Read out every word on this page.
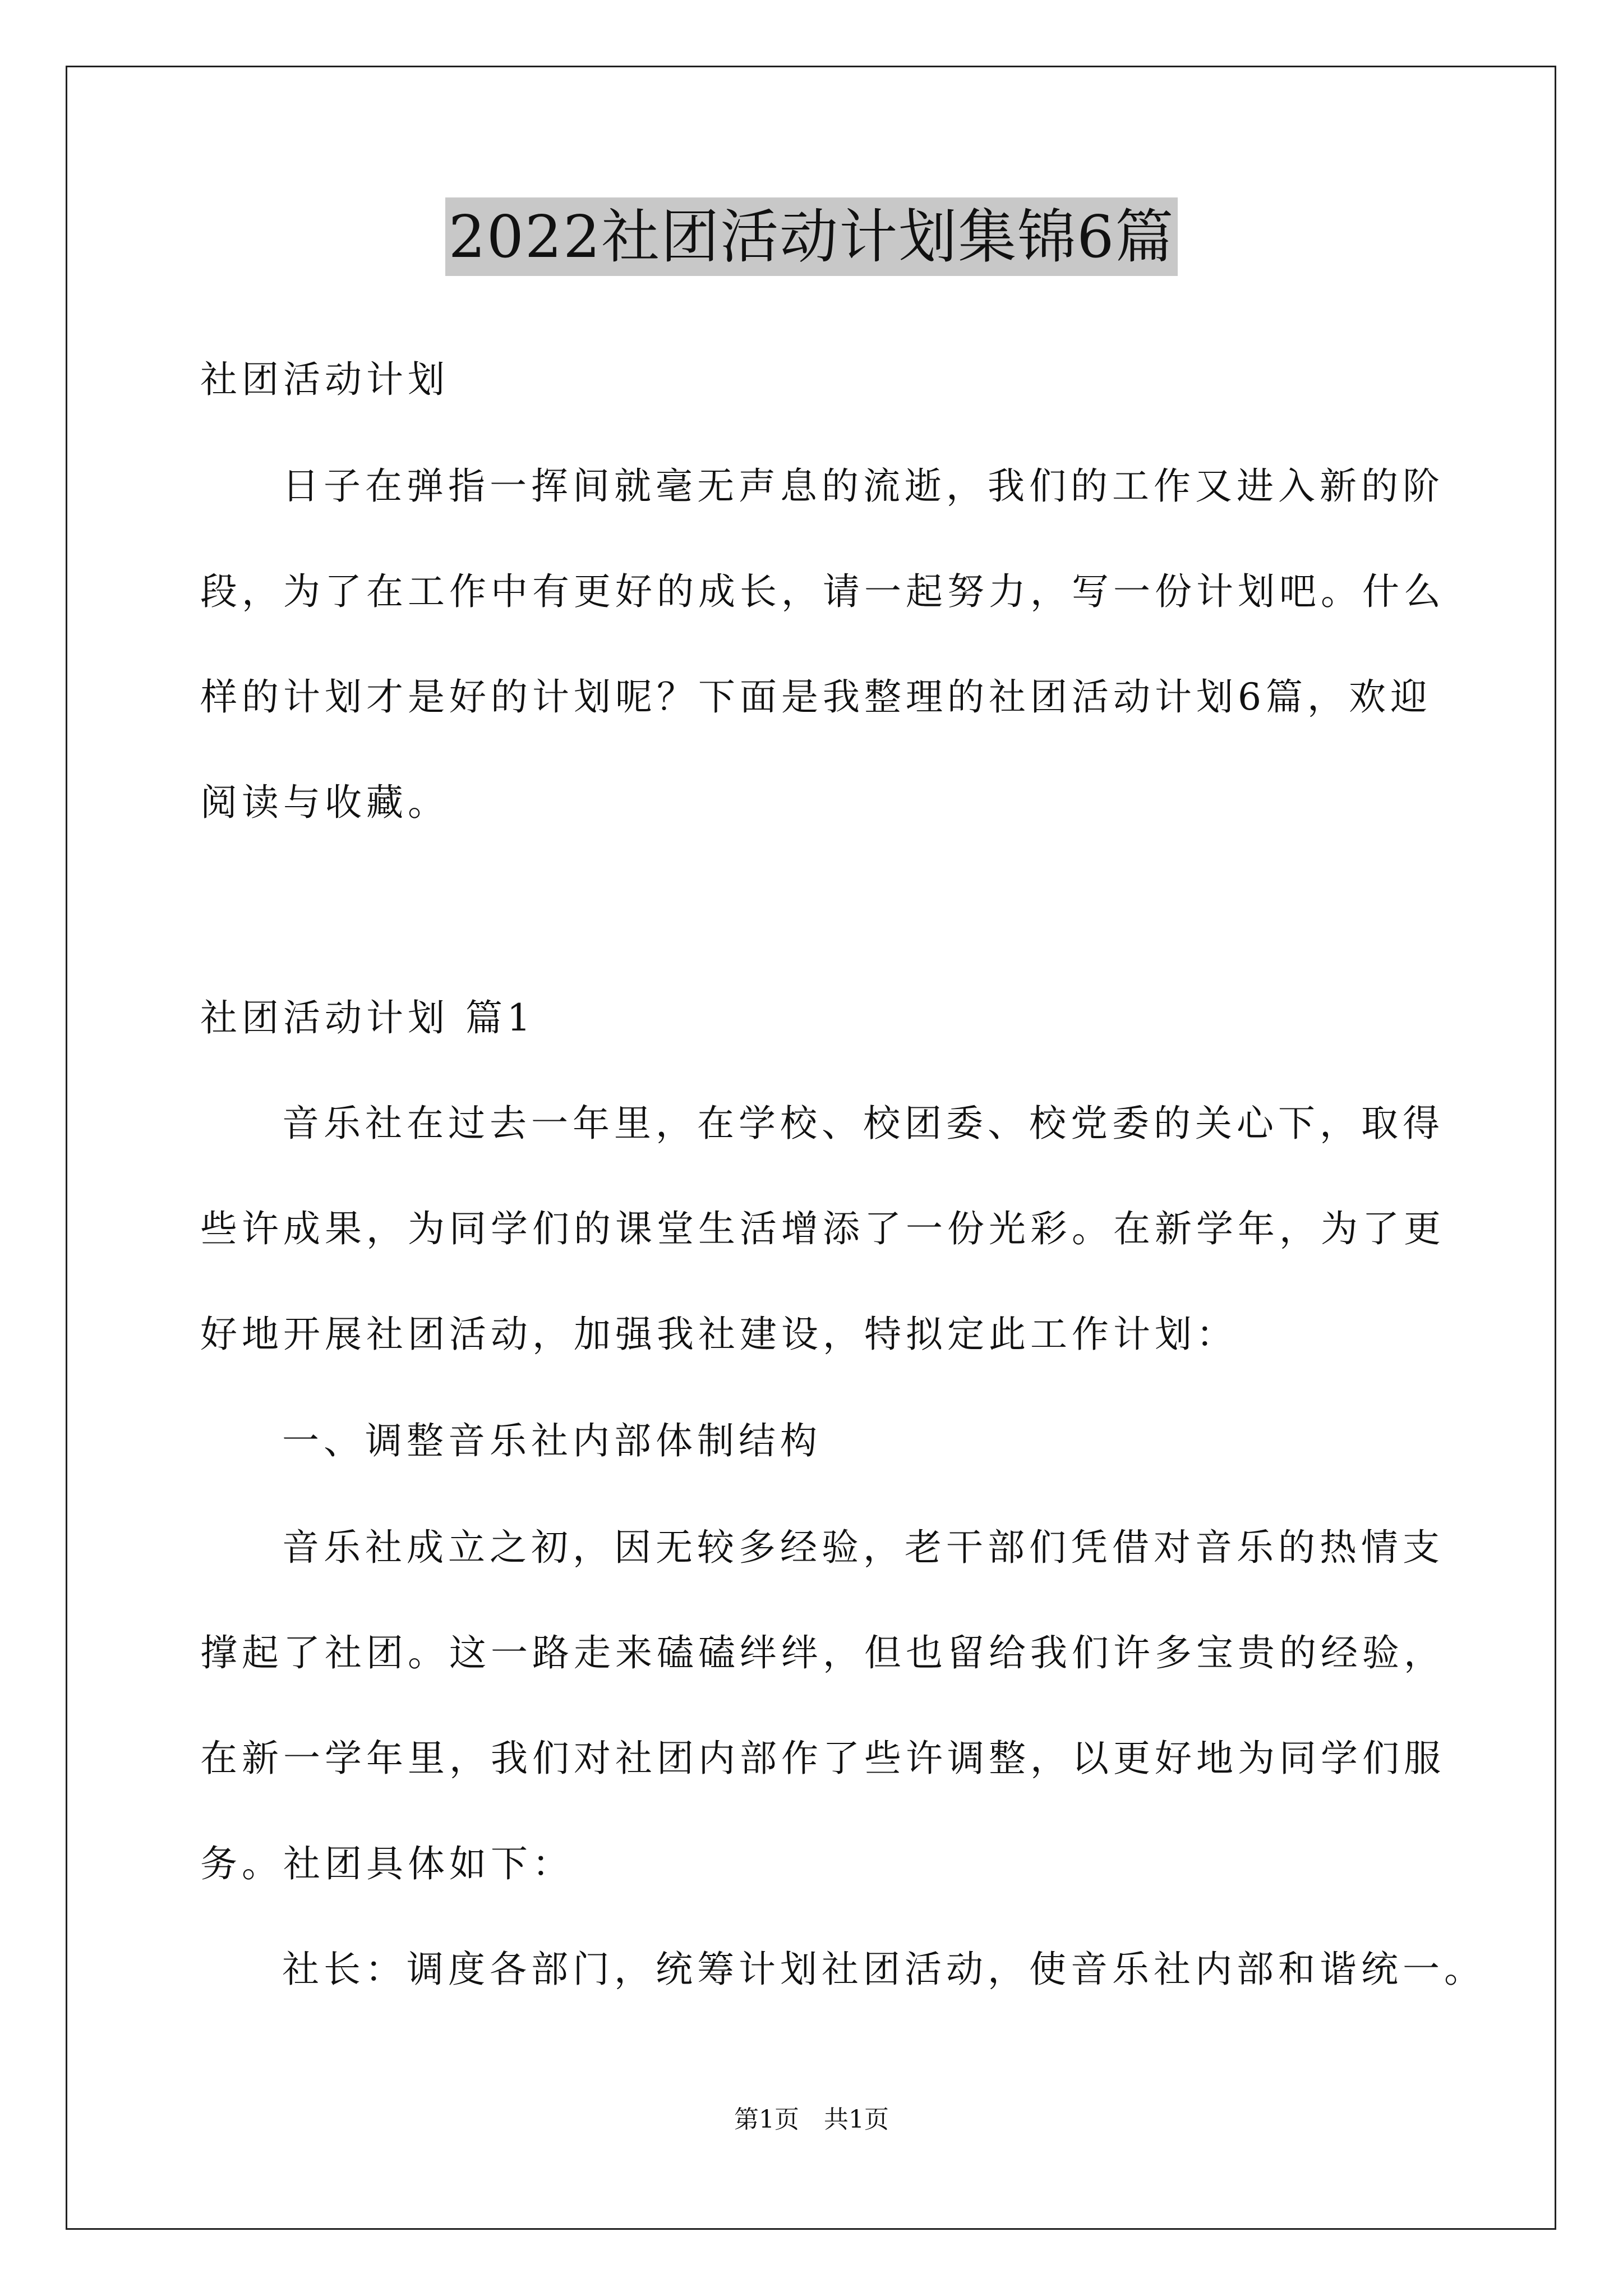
2022社团活动计划集锦6篇
社团活动计划
日子在弹指一挥间就毫无声息的流逝，我们的工作又进入新的阶
段，为了在工作中有更好的成长，请一起努力，写一份计划吧。什么
样的计划才是好的计划呢？下面是我整理的社团活动计划6篇，欢迎
阅读与收藏。
社团活动计划 篇1
音乐社在过去一年里，在学校、校团委、校党委的关心下，取得
些许成果，为同学们的课堂生活增添了一份光彩。在新学年，为了更
好地开展社团活动，加强我社建设，特拟定此工作计划：
一、调整音乐社内部体制结构
音乐社成立之初，因无较多经验，老干部们凭借对音乐的热情支
撑起了社团。这一路走来磕磕绊绊，但也留给我们许多宝贵的经验，
在新一学年里，我们对社团内部作了些许调整，以更好地为同学们服
务。社团具体如下：
社长：调度各部门，统筹计划社团活动，使音乐社内部和谐统一。
第1页　共1页
